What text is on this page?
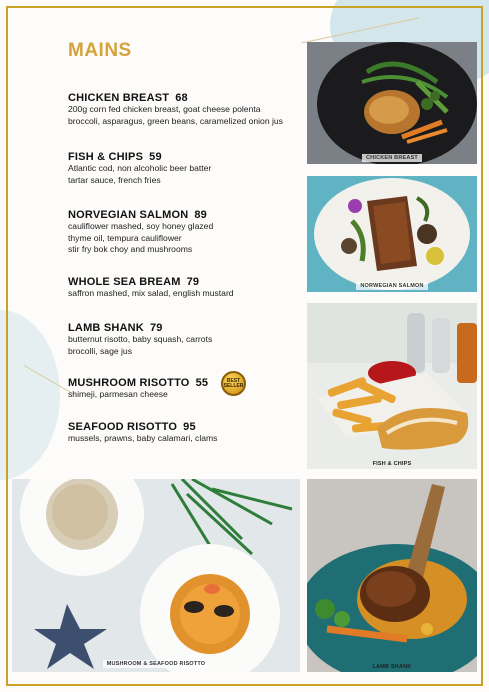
MAINS
CHICKEN BREAST 68
200g corn fed chicken breast, goat cheese polenta
broccoli, asparagus, green beans, caramelized onion jus
FISH & CHIPS 59
Atlantic cod, non alcoholic beer batter
tartar sauce, french fries
NORVEGIAN SALMON 89
cauliflower mashed, soy honey glazed
thyme oil, tempura cauliflower
stir fry bok choy and mushrooms
WHOLE SEA BREAM 79
saffron mashed, mix salad, english mustard
LAMB SHANK 79
butternut risotto, baby squash, carrots
brocolli, sage jus
MUSHROOM RISOTTO 55
shimeji, parmesan cheese
BEST SELLER
SEAFOOD RISOTTO 95
mussels, prawns, baby calamari, clams
CHICKEN BREAST
NORWEGIAN SALMON
FISH & CHIPS
MUSHROOM & SEAFOOD RISOTTO	LAMB SHANK
